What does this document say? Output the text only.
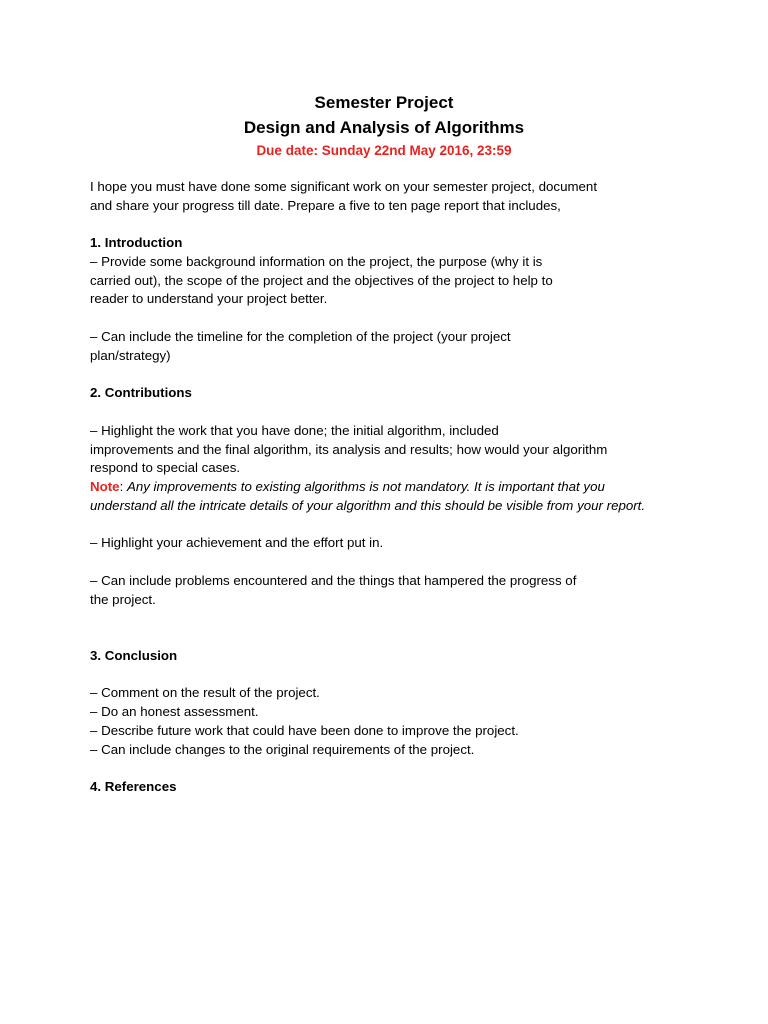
Semester Project
Design and Analysis of Algorithms
Due date: Sunday 22nd May 2016, 23:59
I hope you must have done some significant work on your semester project, document
and share your progress till date. Prepare a five to ten page report that includes,
1. Introduction
– Provide some background information on the project, the purpose (why it is
carried out), the scope of the project and the objectives of the project to help to
reader to understand your project better.
– Can include the timeline for the completion of the project (your project
plan/strategy)
2. Contributions
– Highlight the work that you have done; the initial algorithm, included
improvements and the final algorithm, its analysis and results; how would your algorithm
respond to special cases.
Note: Any improvements to existing algorithms is not mandatory. It is important that you
understand all the intricate details of your algorithm and this should be visible from your report.
– Highlight your achievement and the effort put in.
– Can include problems encountered and the things that hampered the progress of
the project.
3. Conclusion
– Comment on the result of the project.
– Do an honest assessment.
– Describe future work that could have been done to improve the project.
– Can include changes to the original requirements of the project.
4. References
